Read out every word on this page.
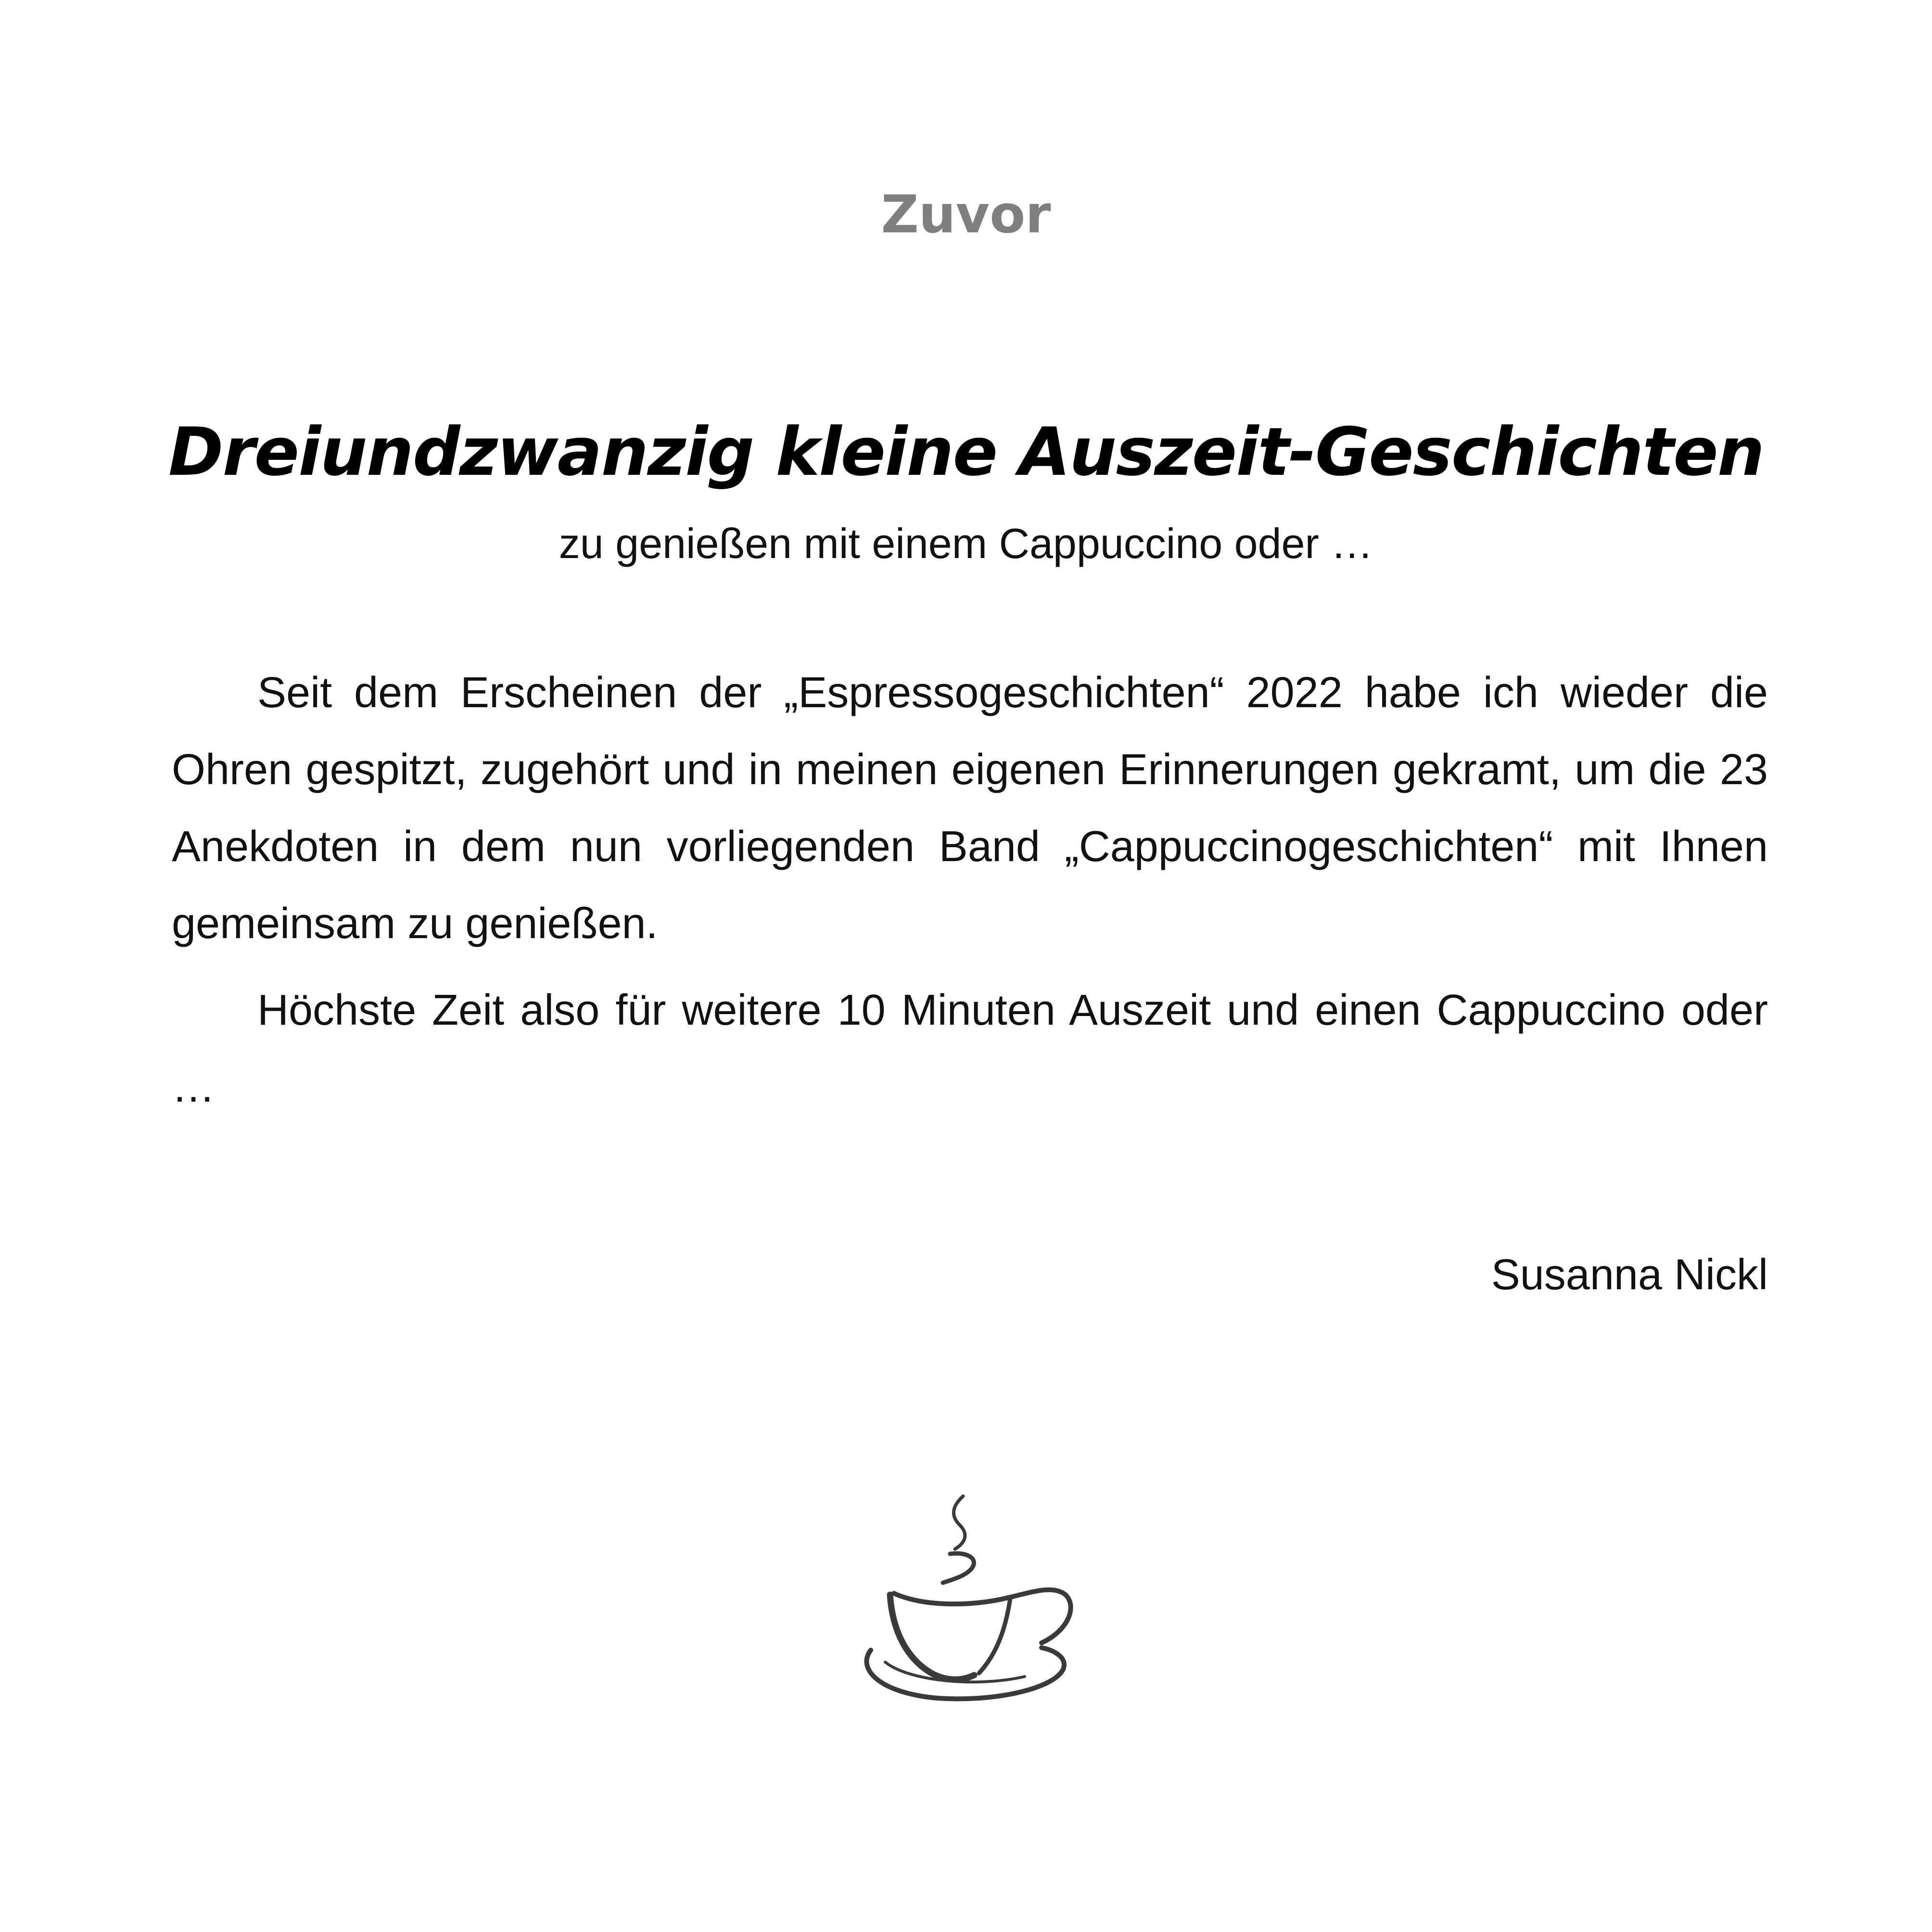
Zuvor
Dreiundzwanzig kleine Auszeit-Geschichten
zu genießen mit einem Cappuccino oder …

Seit dem Erscheinen der „Espressogeschichten“ 2022 habe ich wieder die Ohren gespitzt, zugehört und in meinen eigenen Erinnerungen gekramt, um die 23 Anekdoten in dem nun vorliegenden Band „Cappuccinogeschichten“ mit Ihnen gemeinsam zu genießen.

Höchste Zeit also für weitere 10 Minuten Auszeit und einen Cappuccino oder …

Susanna Nickl
